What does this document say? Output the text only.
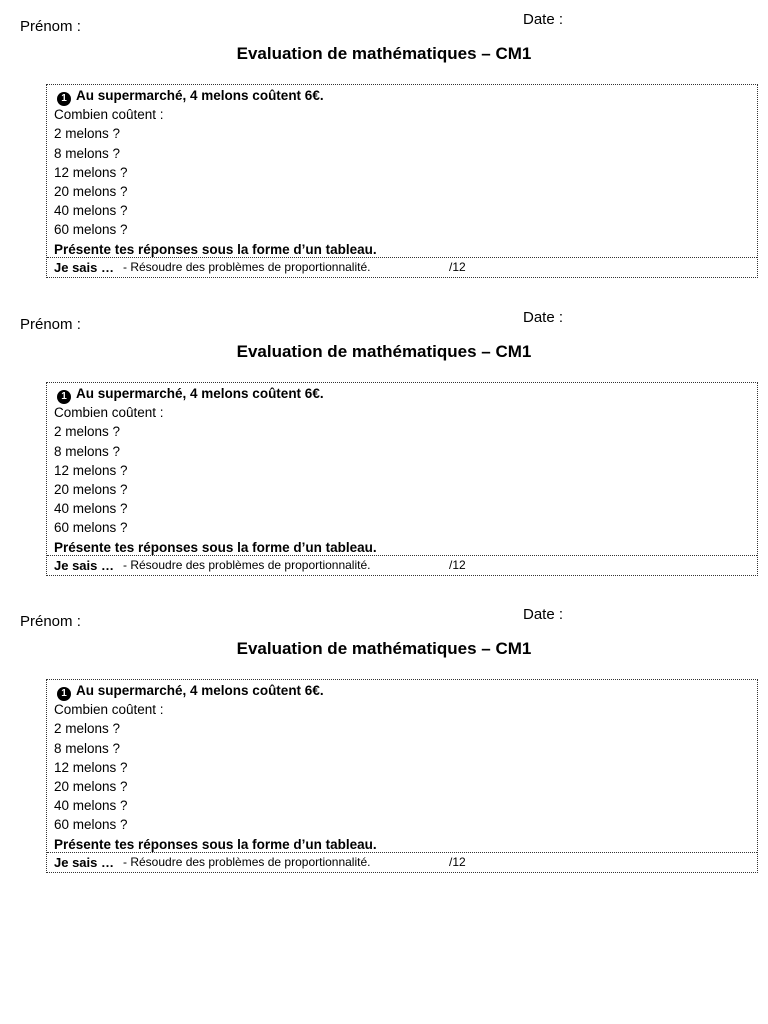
Prénom :	Date :
Evaluation de mathématiques – CM1
1 Au supermarché, 4 melons coûtent 6€.
Combien coûtent :
2 melons ?
8 melons ?
12 melons ?
20 melons ?
40 melons ?
60 melons ?
Présente tes réponses sous la forme d’un tableau.
Je sais … - Résoudre des problèmes de proportionnalité.	/12
Prénom :	Date :
Evaluation de mathématiques – CM1
1 Au supermarché, 4 melons coûtent 6€.
Combien coûtent :
2 melons ?
8 melons ?
12 melons ?
20 melons ?
40 melons ?
60 melons ?
Présente tes réponses sous la forme d’un tableau.
Je sais … - Résoudre des problèmes de proportionnalité.	/12
Prénom :	Date :
Evaluation de mathématiques – CM1
1 Au supermarché, 4 melons coûtent 6€.
Combien coûtent :
2 melons ?
8 melons ?
12 melons ?
20 melons ?
40 melons ?
60 melons ?
Présente tes réponses sous la forme d’un tableau.
Je sais … - Résoudre des problèmes de proportionnalité.	/12
